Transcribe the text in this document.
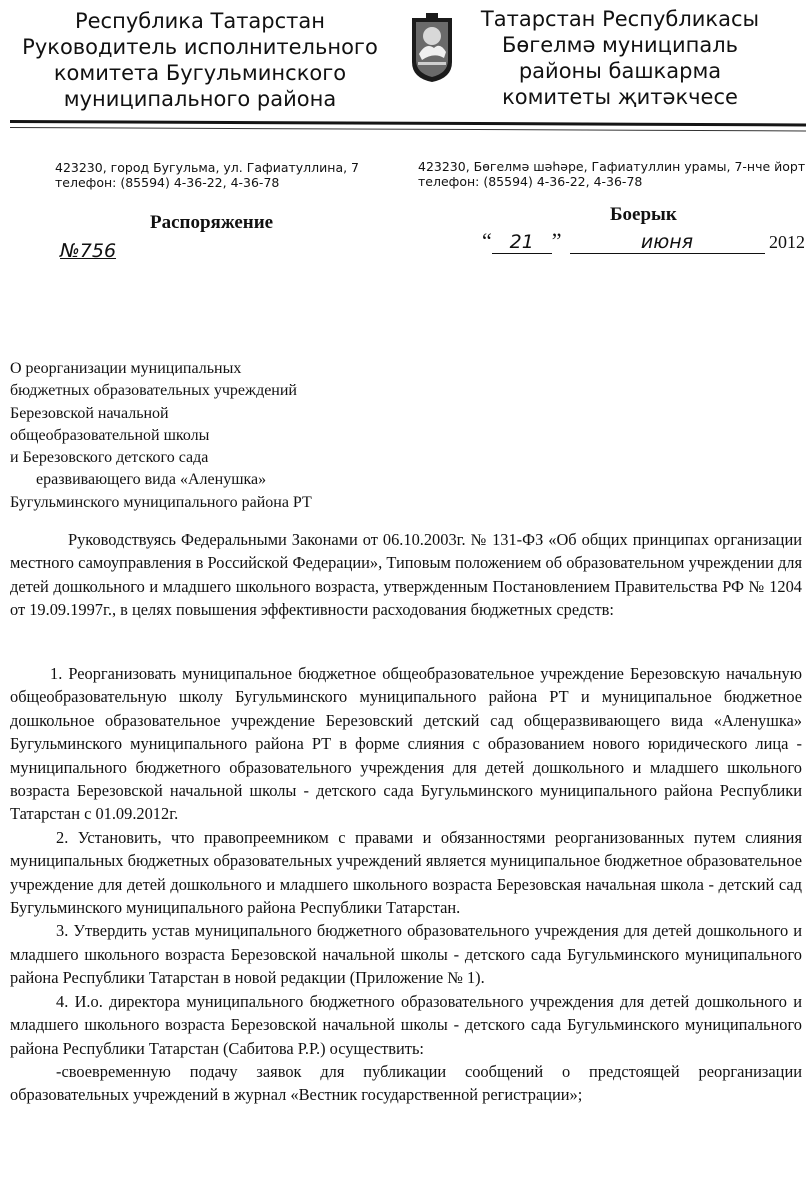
Республика Татарстан
Руководитель исполнительного
комитета Бугульминского
муниципального района
Татарстан Республикасы
Бөгелмә муниципаль
районы башкарма
комитеты җитәкчесе
423230, город Бугульма, ул. Гафиатуллина, 7
телефон: (85594) 4-36-22, 4-36-78
423230, Бөгелмә шәһәре, Гафиатуллин урамы, 7-нче йорт
телефон: (85594) 4-36-22, 4-36-78
Распоряжение	Боерык
№756	“ 21 ”	июня	2012
О реорганизации муниципальных
бюджетных образовательных учреждений
Березовской начальной
общеобразовательной школы
и Березовского детского сада
еразвивающего вида «Аленушка»
Бугульминского муниципального района РТ

Руководствуясь Федеральными Законами от 06.10.2003г. № 131-ФЗ «Об общих принципах организации местного самоуправления в Российской Федерации», Типовым положением об образовательном учреждении для детей дошкольного и младшего школьного возраста, утвержденным Постановлением Правительства РФ № 1204 от 19.09.1997г., в целях повышения эффективности расходования бюджетных средств:

1. Реорганизовать муниципальное бюджетное общеобразовательное учреждение Березовскую начальную общеобразовательную школу Бугульминского муниципального района РТ и муниципальное бюджетное дошкольное образовательное учреждение Березовский детский сад общеразвивающего вида «Аленушка» Бугульминского муниципального района РТ в форме слияния с образованием нового юридического лица - муниципального бюджетного образовательного учреждения для детей дошкольного и младшего школьного возраста Березовской начальной школы - детского сада Бугульминского муниципального района Республики Татарстан с 01.09.2012г.

2. Установить, что правопреемником с правами и обязанностями реорганизованных путем слияния муниципальных бюджетных образовательных учреждений является муниципальное бюджетное образовательное учреждение для детей дошкольного и младшего школьного возраста Березовская начальная школа - детский сад Бугульминского муниципального района Республики Татарстан.

3. Утвердить устав муниципального бюджетного образовательного учреждения для детей дошкольного и младшего школьного возраста Березовской начальной школы - детского сада Бугульминского муниципального района Республики Татарстан в новой редакции (Приложение № 1).

4. И.о. директора муниципального бюджетного образовательного учреждения для детей дошкольного и младшего школьного возраста Березовской начальной школы - детского сада Бугульминского муниципального района Республики Татарстан (Сабитова Р.Р.) осуществить:

-своевременную подачу заявок для публикации сообщений о предстоящей реорганизации образовательных учреждений в журнал «Вестник государственной регистрации»;
